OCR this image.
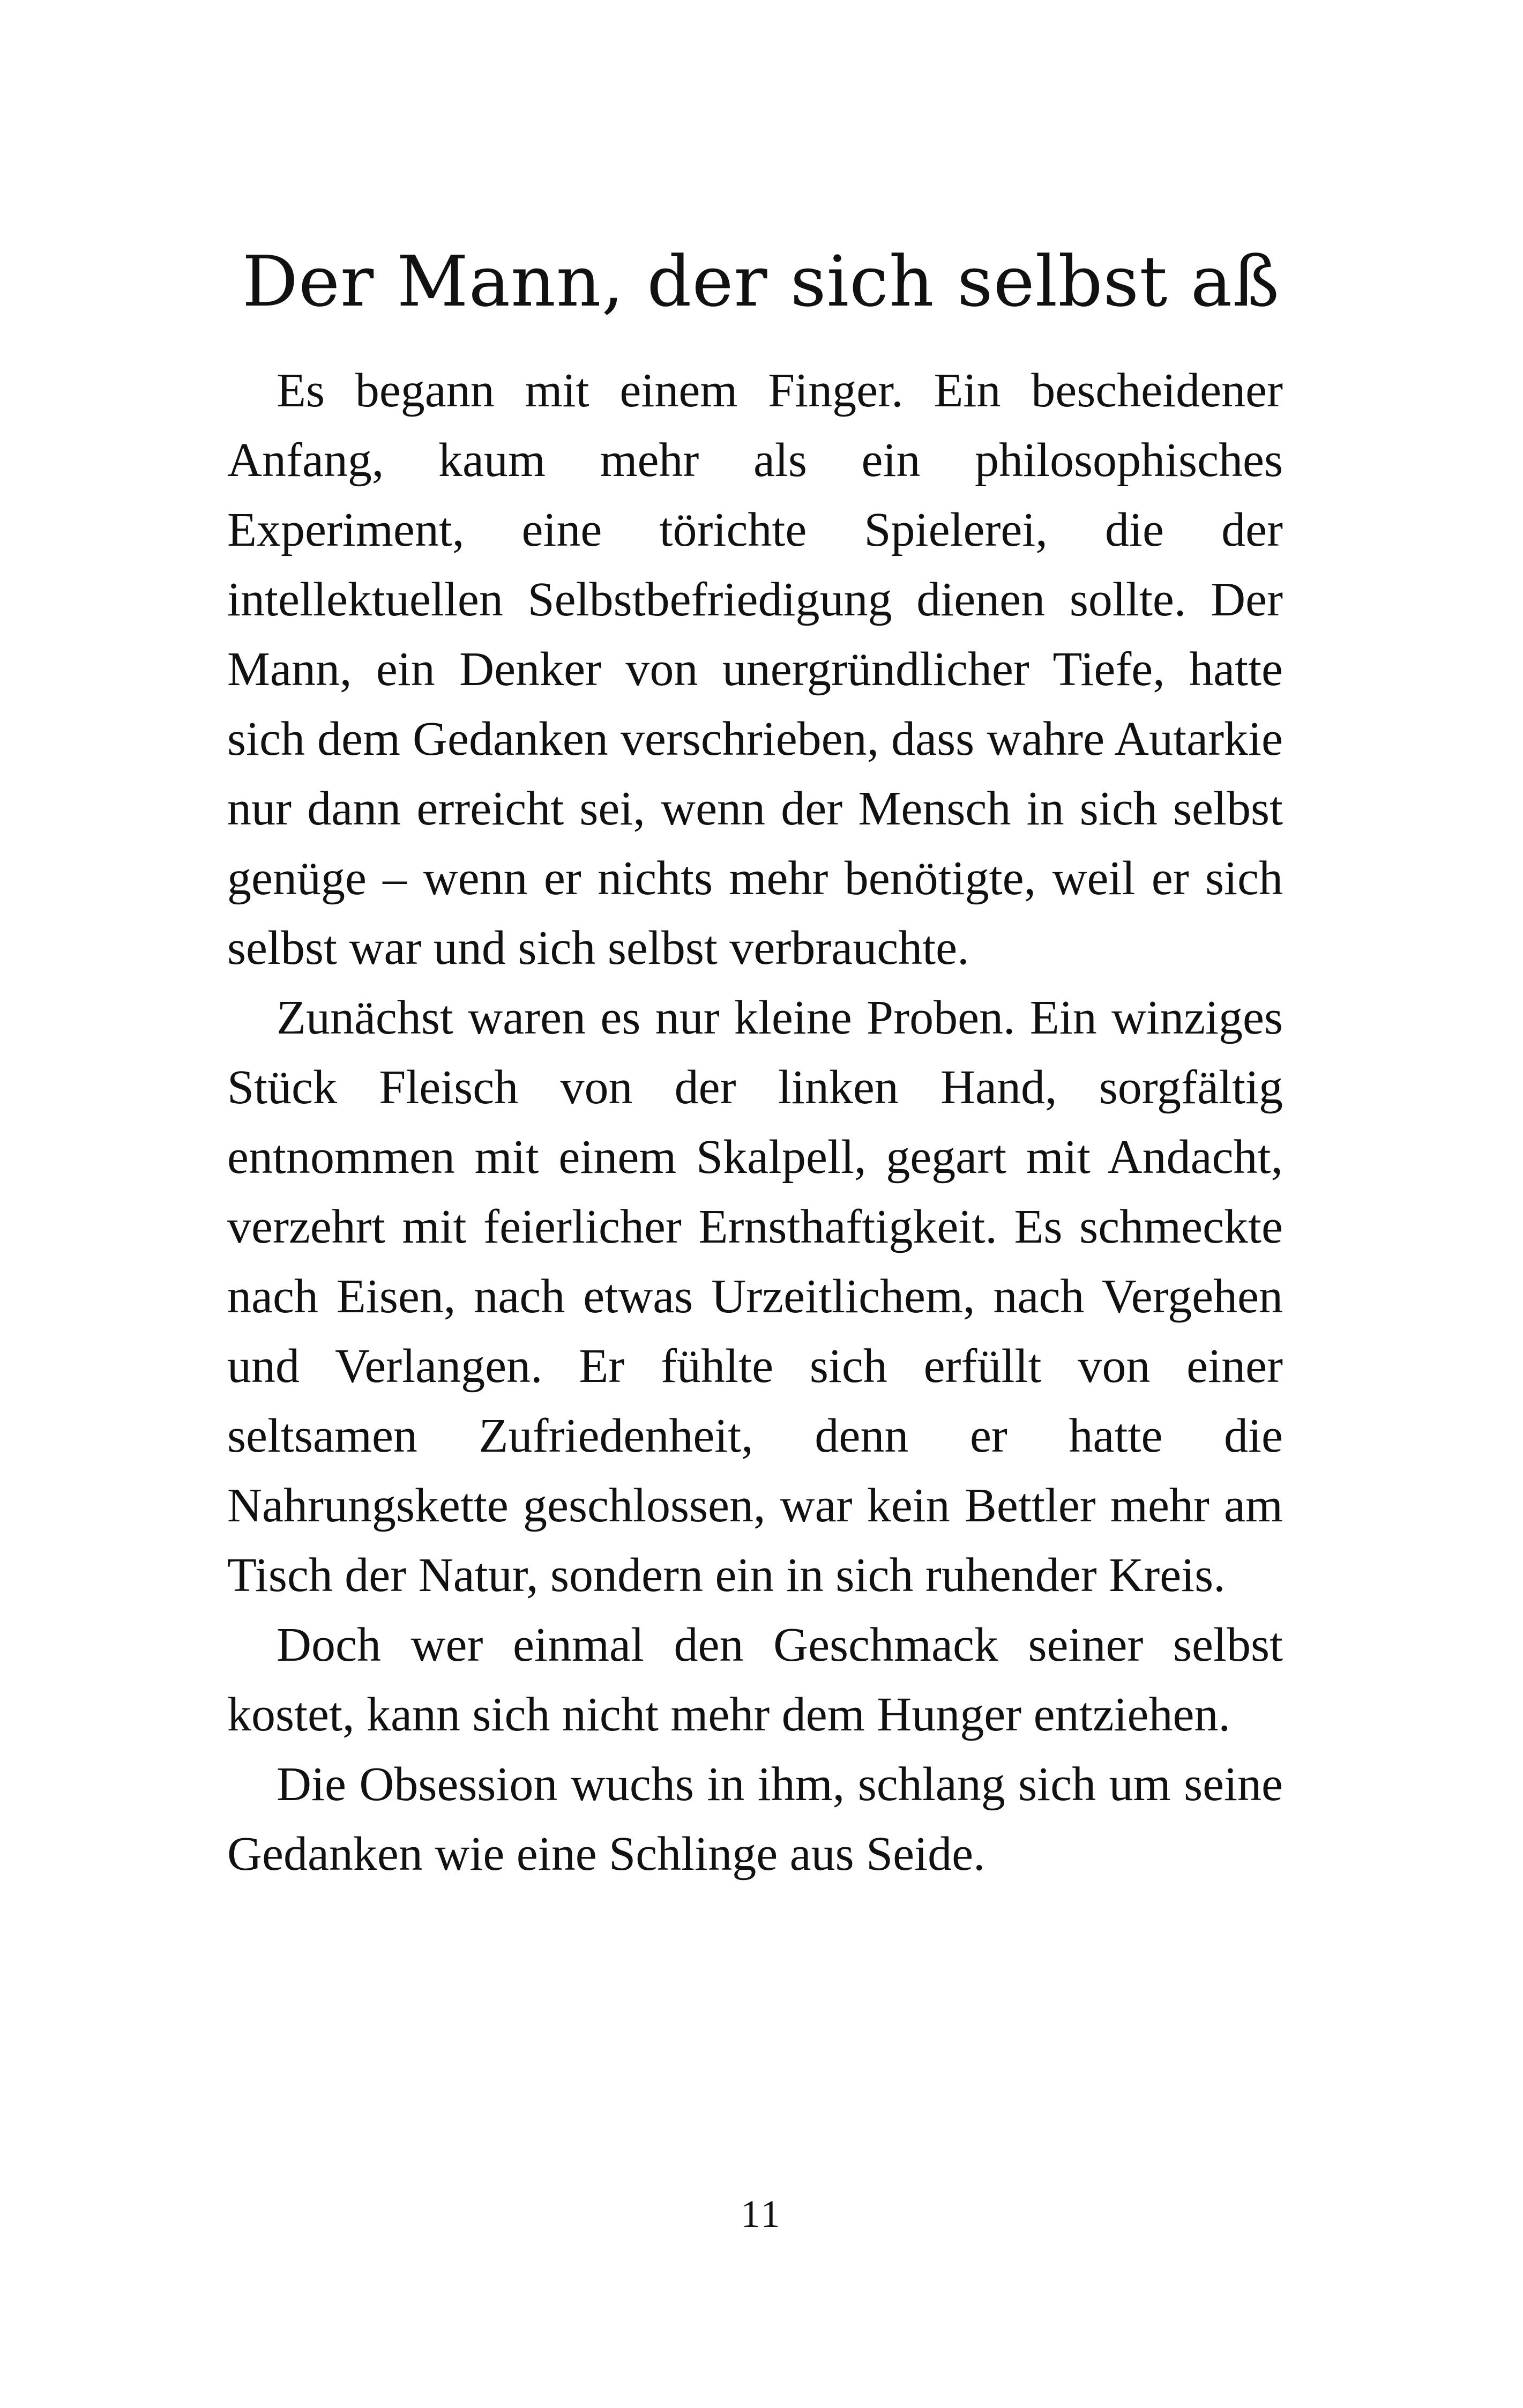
Der Mann, der sich selbst aß

Es begann mit einem Finger. Ein bescheidener Anfang, kaum mehr als ein philosophisches Experiment, eine törichte Spielerei, die der intellektuellen Selbstbefriedigung dienen sollte. Der Mann, ein Denker von unergründlicher Tiefe, hatte sich dem Gedanken verschrieben, dass wahre Autarkie nur dann erreicht sei, wenn der Mensch in sich selbst genüge – wenn er nichts mehr benötigte, weil er sich selbst war und sich selbst verbrauchte.

Zunächst waren es nur kleine Proben. Ein winziges Stück Fleisch von der linken Hand, sorgfältig entnommen mit einem Skalpell, gegart mit Andacht, verzehrt mit feierlicher Ernsthaftigkeit. Es schmeckte nach Eisen, nach etwas Urzeitlichem, nach Vergehen und Verlangen. Er fühlte sich erfüllt von einer seltsamen Zufriedenheit, denn er hatte die Nahrungskette geschlossen, war kein Bettler mehr am Tisch der Natur, sondern ein in sich ruhender Kreis.

Doch wer einmal den Geschmack seiner selbst kostet, kann sich nicht mehr dem Hunger entziehen.

Die Obsession wuchs in ihm, schlang sich um seine Gedanken wie eine Schlinge aus Seide.

11
